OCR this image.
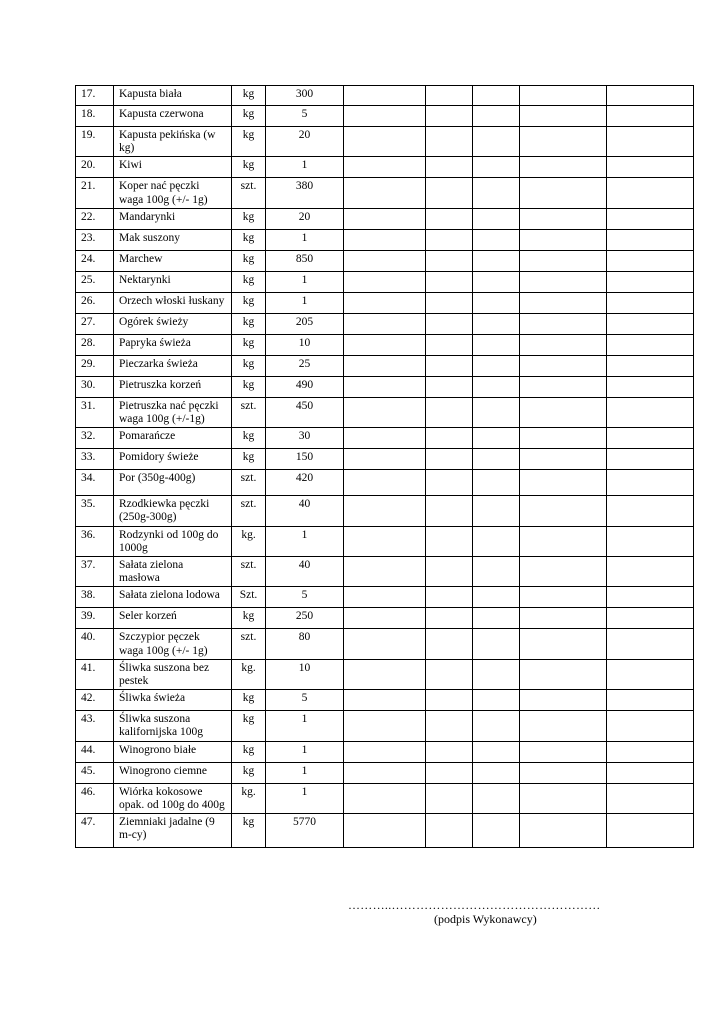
17.	Kapusta biała	kg	300					
18.	Kapusta czerwona	kg	5					
19.	Kapusta pekińska (w kg)	kg	20					
20.	Kiwi	kg	1					
21.	Koper nać pęczki waga 100g (+/- 1g)	szt.	380					
22.	Mandarynki	kg	20					
23.	Mak suszony	kg	1					
24.	Marchew	kg	850					
25.	Nektarynki	kg	1					
26.	Orzech włoski łuskany	kg	1					
27.	Ogórek świeży	kg	205					
28.	Papryka świeża	kg	10					
29.	Pieczarka świeża	kg	25					
30.	Pietruszka korzeń	kg	490					
31.	Pietruszka nać pęczki waga 100g (+/-1g)	szt.	450					
32.	Pomarańcze	kg	30					
33.	Pomidory świeże	kg	150					
34.	Por (350g-400g)	szt.	420					
35.	Rzodkiewka pęczki (250g-300g)	szt.	40					
36.	Rodzynki od 100g do 1000g	kg.	1					
37.	Sałata zielona masłowa	szt.	40					
38.	Sałata zielona lodowa	Szt.	5					
39.	Seler korzeń	kg	250					
40.	Szczypior pęczek waga 100g (+/- 1g)	szt.	80					
41.	Śliwka suszona bez pestek	kg.	10					
42.	Śliwka świeża	kg	5					
43.	Śliwka suszona kalifornijska 100g	kg	1					
44.	Winogrono białe	kg	1					
45.	Winogrono ciemne	kg	1					
46.	Wiórka kokosowe opak. od 100g do 400g	kg.	1					
47.	Ziemniaki jadalne (9 m-cy)	kg	5770					
………..……………………………………………
(podpis Wykonawcy)
